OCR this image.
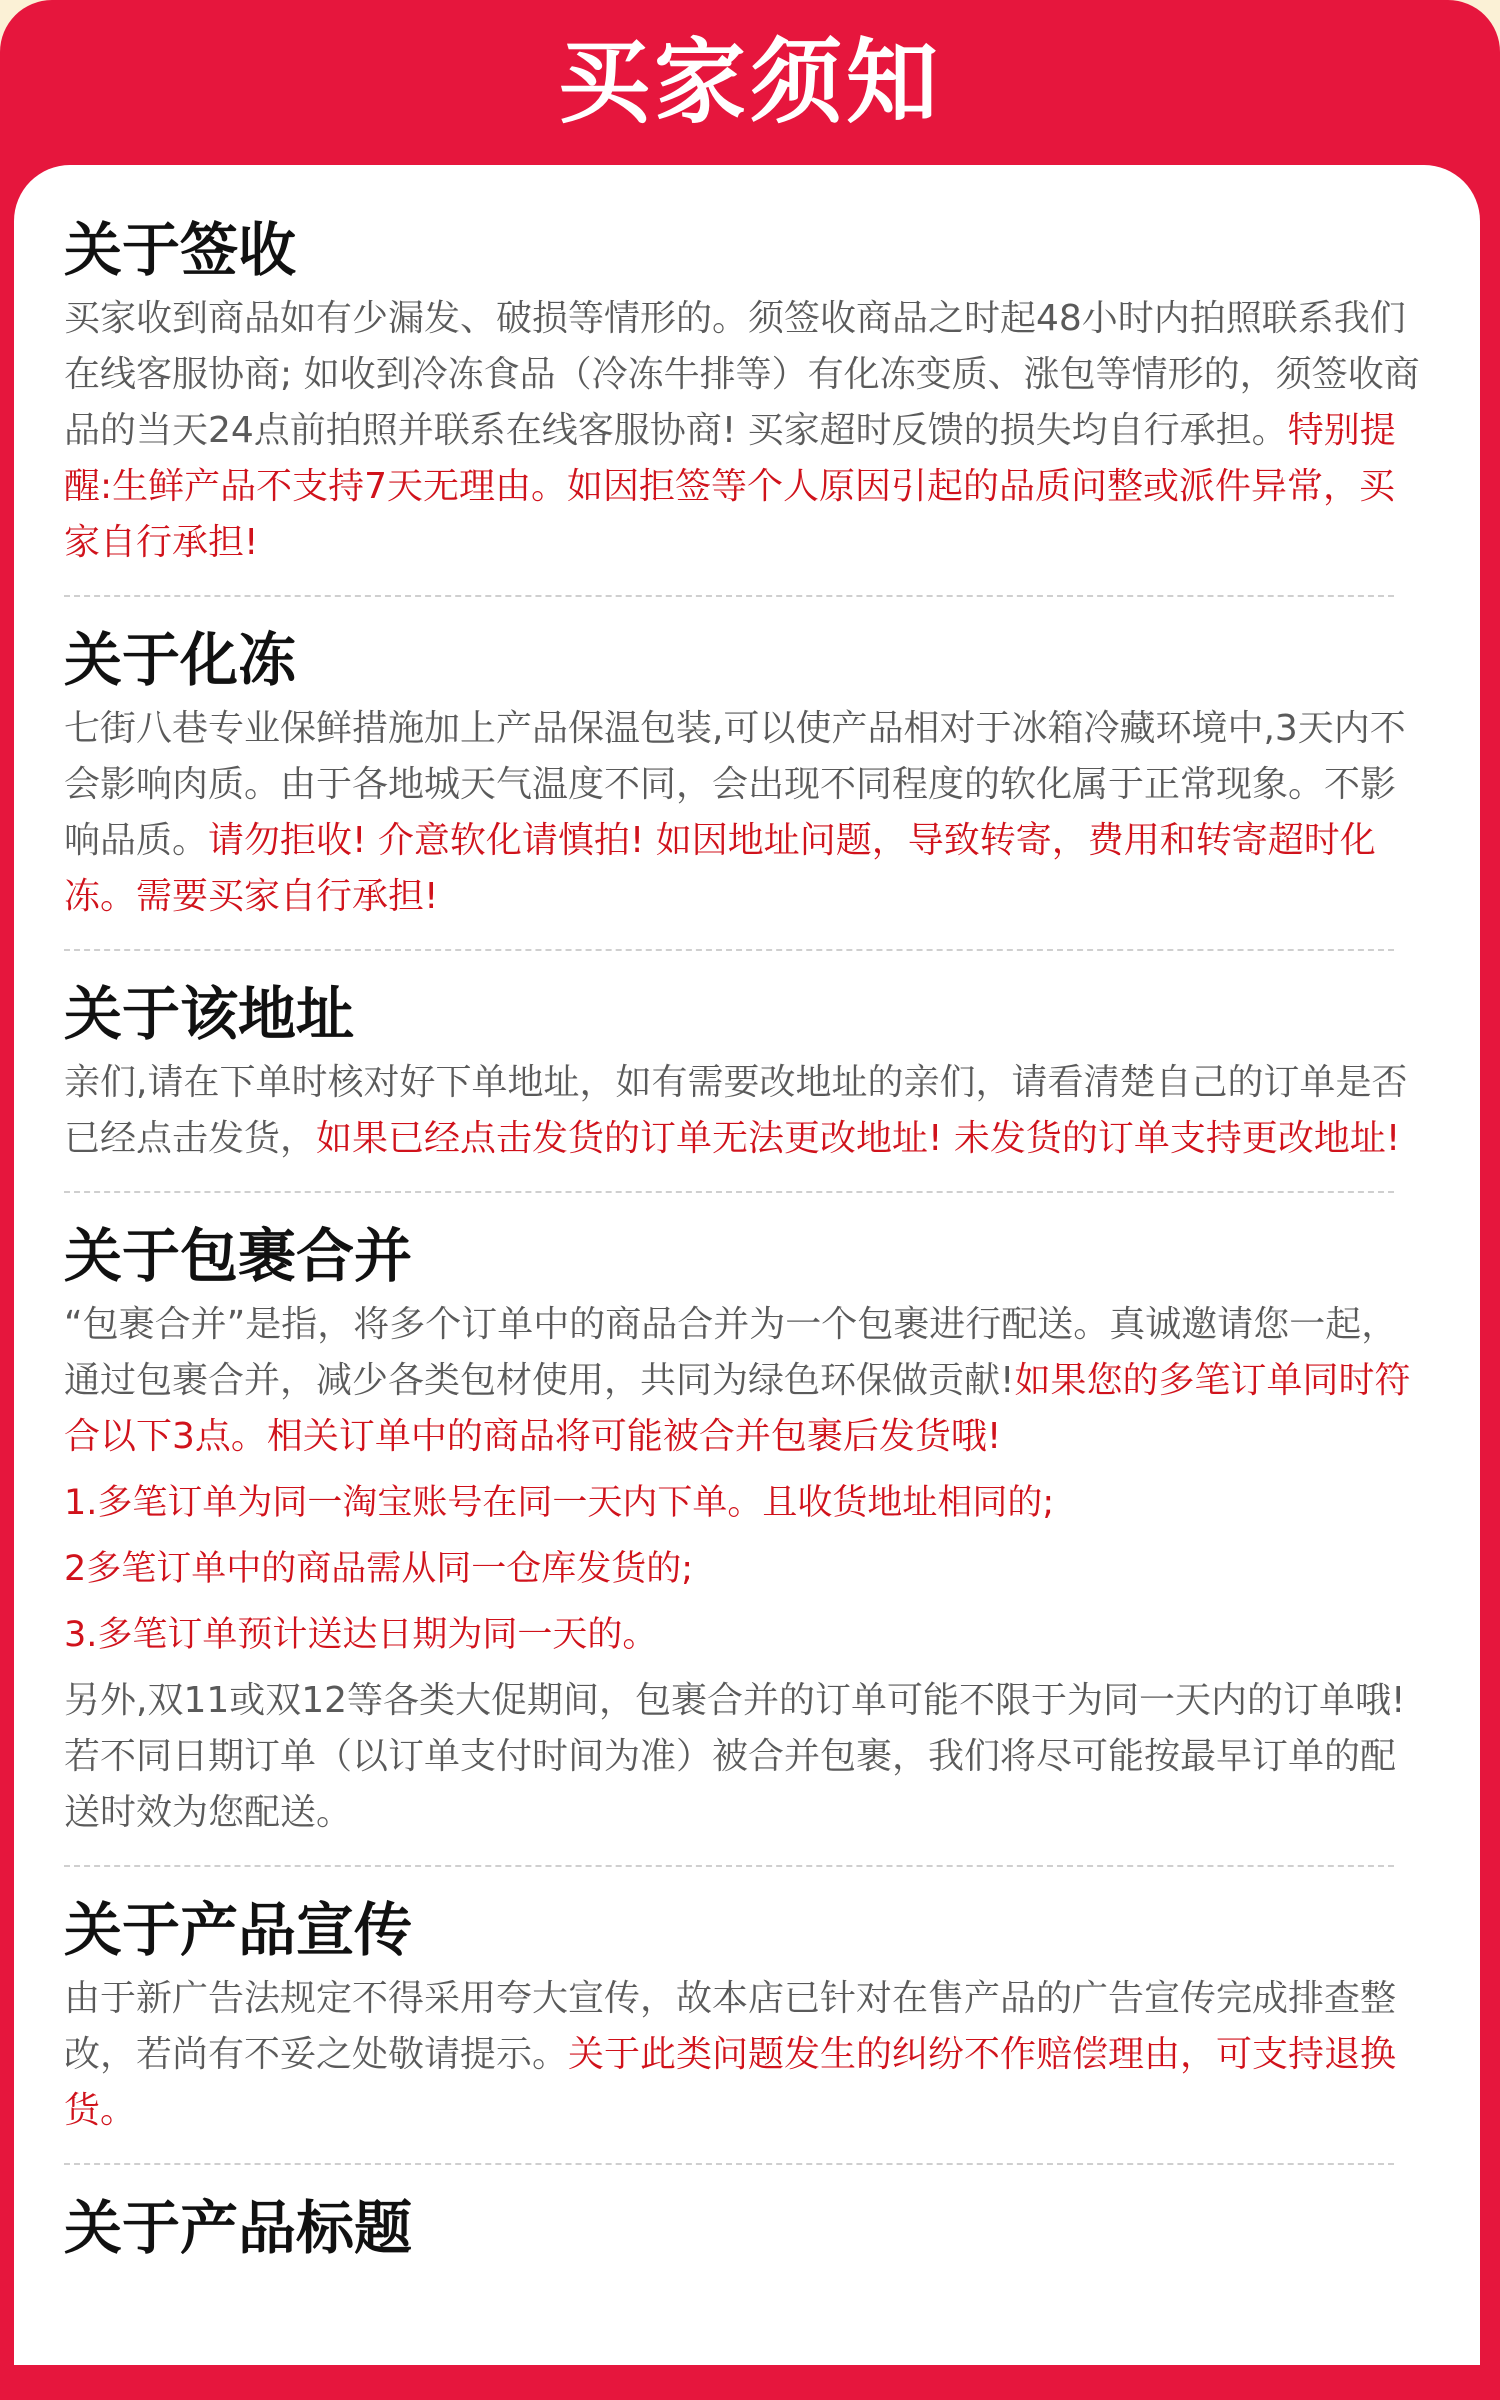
买家须知
关于签收

买家收到商品如有少漏发、破损等情形的。须签收商品之时起48小时内拍照联系我们在线客服协商; 如收到冷冻食品（冷冻牛排等）有化冻变质、涨包等情形的，须签收商品的当天24点前拍照并联系在线客服协商! 买家超时反馈的损失均自行承担。特别提醒:生鲜产品不支持7天无理由。如因拒签等个人原因引起的品质问整或派件异常，买家自行承担!

关于化冻

七街八巷专业保鲜措施加上产品保温包装,可以使产品相对于冰箱冷藏环境中,3天内不会影响肉质。由于各地城天气温度不同，会出现不同程度的软化属于正常现象。不影响品质。请勿拒收! 介意软化请慎拍! 如因地址问题，导致转寄，费用和转寄超时化冻。需要买家自行承担!

关于该地址

亲们,请在下单时核对好下单地址，如有需要改地址的亲们，请看清楚自己的订单是否已经点击发货，如果已经点击发货的订单无法更改地址! 未发货的订单支持更改地址!

关于包裹合并

“包裹合并”是指，将多个订单中的商品合并为一个包裹进行配送。真诚邀请您一起，通过包裹合并，减少各类包材使用，共同为绿色环保做贡献!如果您的多笔订单同时符合以下3点。相关订单中的商品将可能被合并包裹后发货哦!

1.多笔订单为同一淘宝账号在同一天内下单。且收货地址相同的;

2多笔订单中的商品需从同一仓库发货的;

3.多笔订单预计送达日期为同一天的。

另外,双11或双12等各类大促期间，包裹合并的订单可能不限于为同一天内的订单哦!若不同日期订单（以订单支付时间为准）被合并包裹，我们将尽可能按最早订单的配送时效为您配送。

关于产品宣传

由于新广告法规定不得采用夸大宣传，故本店已针对在售产品的广告宣传完成排查整改，若尚有不妥之处敬请提示。关于此类问题发生的纠纷不作赔偿理由，可支持退换货。

关于产品标题
